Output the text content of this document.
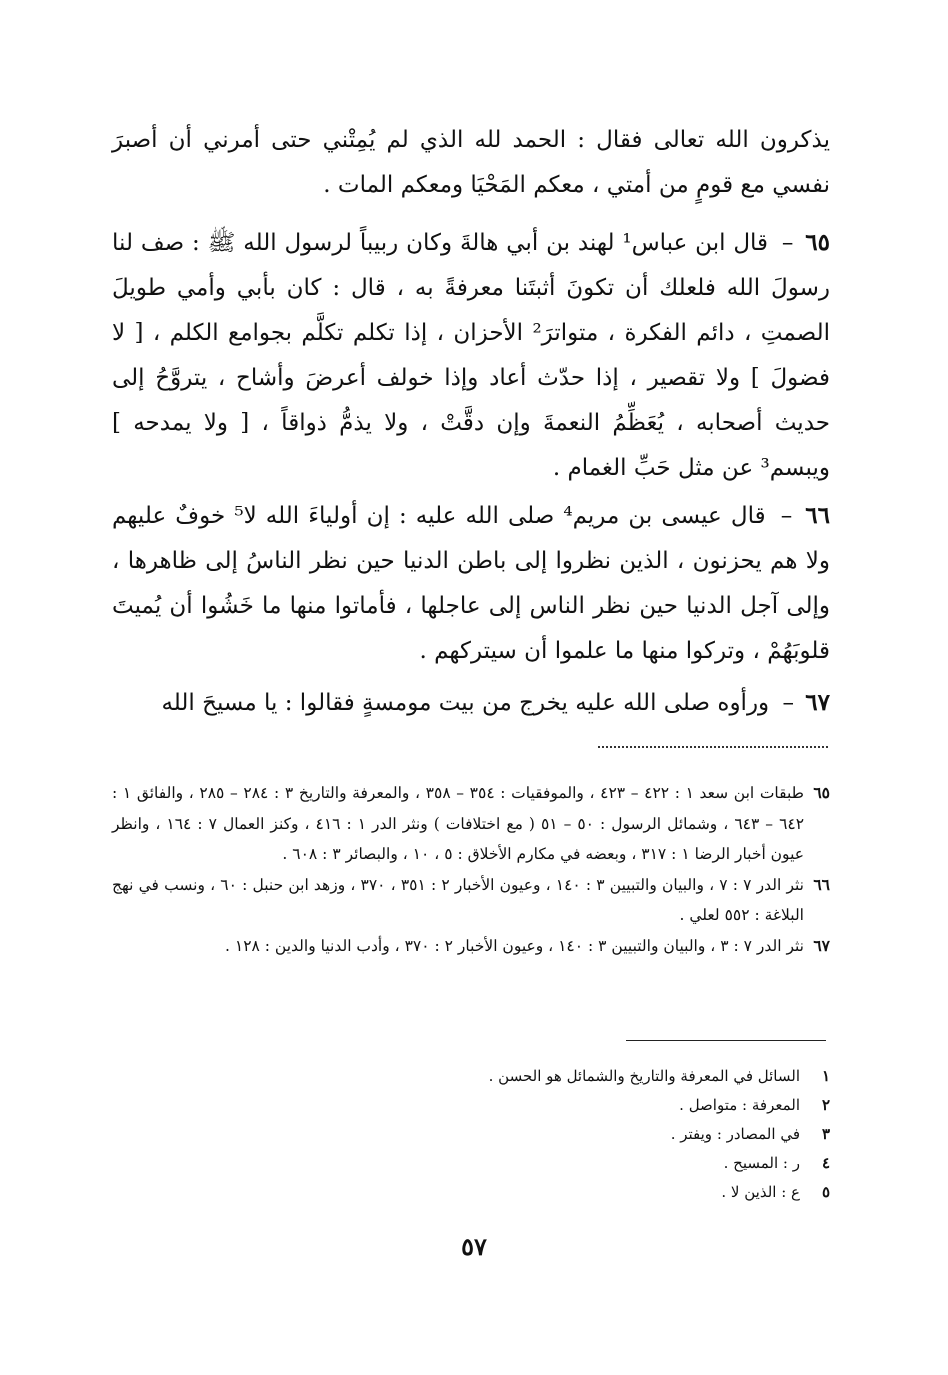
يذكرون الله تعالى فقال : الحمد لله الذي لم يُمِتْني حتى أمرني أن أصبرَ نفسي مع قومٍ من أمتي ، معكم المَحْيَا ومعكم المات .

٦٥ – قال ابن عباس¹ لهند بن أبي هالةَ وكان ربيباً لرسول الله ﷺ : صف لنا رسولَ الله فلعلك أن تكونَ أثبتَنا معرفةً به ، قال : كان بأبي وأمي طويلَ الصمتِ ، دائم الفكرة ، متواترَ² الأحزان ، إذا تكلم تكلَّم بجوامع الكلم ، [ لا فضولَ ] ولا تقصير ، إذا حدّث أعاد وإذا خولف أعرضَ وأشاح ، يتروَّحُ إلى حديث أصحابه ، يُعَظِّمُ النعمةَ وإن دقَّتْ ، ولا يذمُّ ذواقاً ، [ ولا يمدحه ] ويبسم³ عن مثل حَبِّ الغمام .

٦٦ – قال عيسى بن مريم⁴ صلى الله عليه : إن أولياءَ الله لا⁵ خوفٌ عليهم ولا هم يحزنون ، الذين نظروا إلى باطن الدنيا حين نظر الناسُ إلى ظاهرها ، وإلى آجل الدنيا حين نظر الناس إلى عاجلها ، فأماتوا منها ما خَشُوا أن يُميتَ قلوبَهُمْ ، وتركوا منها ما علموا أن سيتركهم .

٦٧ – ورأوه صلى الله عليه يخرج من بيت مومسةٍ فقالوا : يا مسيحَ الله

٦٥
طبقات ابن سعد ١ : ٤٢٢ – ٤٢٣ ، والموفقيات : ٣٥٤ – ٣٥٨ ، والمعرفة والتاريخ ٣ : ٢٨٤ – ٢٨٥ ، والفائق ١ : ٦٤٢ – ٦٤٣ ، وشمائل الرسول : ٥٠ – ٥١ ( مع اختلافات ) ونثر الدر ١ : ٤١٦ ، وكنز العمال ٧ : ١٦٤ ، وانظر عيون أخبار الرضا ١ : ٣١٧ ، وبعضه في مكارم الأخلاق : ٥ ، ١٠ ، والبصائر ٣ : ٦٠٨ .
٦٦
نثر الدر ٧ : ٧ ، والبيان والتبيين ٣ : ١٤٠ ، وعيون الأخبار ٢ : ٣٥١ ، ٣٧٠ ، وزهد ابن حنبل : ٦٠ ، ونسب في نهج البلاغة : ٥٥٢ لعلي .
٦٧
نثر الدر ٧ : ٣ ، والبيان والتبيين ٣ : ١٤٠ ، وعيون الأخبار ٢ : ٣٧٠ ، وأدب الدنيا والدين : ١٢٨ .
١
السائل في المعرفة والتاريخ والشمائل هو الحسن .
٢
المعرفة : متواصل .
٣
في المصادر : ويفتر .
٤
ر : المسيح .
٥
ع : الذين لا .
٥٧
